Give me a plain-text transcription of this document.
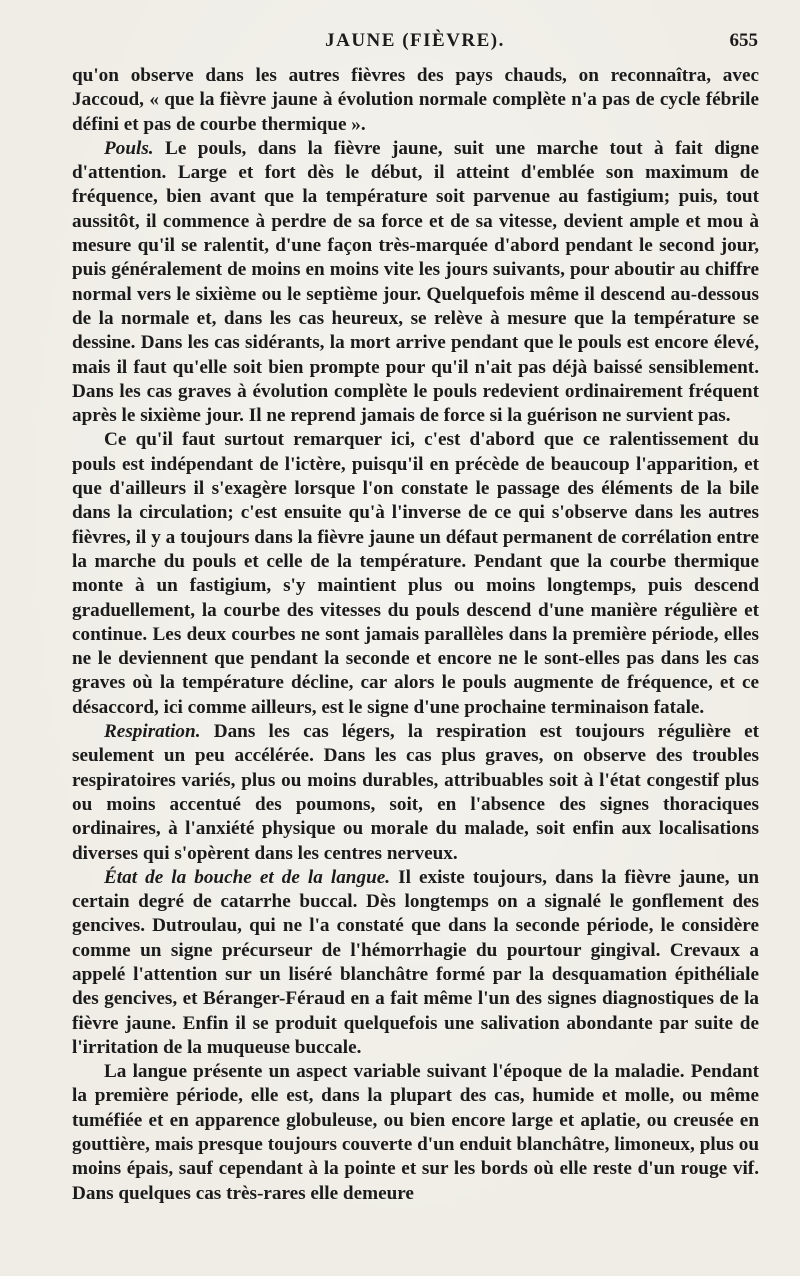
JAUNE (FIÈVRE).	655

qu'on observe dans les autres fièvres des pays chauds, on reconnaîtra, avec Jaccoud, « que la fièvre jaune à évolution normale complète n'a pas de cycle fébrile défini et pas de courbe thermique ».

Pouls. Le pouls, dans la fièvre jaune, suit une marche tout à fait digne d'attention. Large et fort dès le début, il atteint d'emblée son maximum de fréquence, bien avant que la température soit parvenue au fastigium; puis, tout aussitôt, il commence à perdre de sa force et de sa vitesse, devient ample et mou à mesure qu'il se ralentit, d'une façon très-marquée d'abord pendant le second jour, puis généralement de moins en moins vite les jours suivants, pour aboutir au chiffre normal vers le sixième ou le septième jour. Quelquefois même il descend au-dessous de la normale et, dans les cas heureux, se relève à mesure que la température se dessine. Dans les cas sidérants, la mort arrive pendant que le pouls est encore élevé, mais il faut qu'elle soit bien prompte pour qu'il n'ait pas déjà baissé sensiblement. Dans les cas graves à évolution complète le pouls redevient ordinairement fréquent après le sixième jour. Il ne reprend jamais de force si la guérison ne survient pas.

Ce qu'il faut surtout remarquer ici, c'est d'abord que ce ralentissement du pouls est indépendant de l'ictère, puisqu'il en précède de beaucoup l'apparition, et que d'ailleurs il s'exagère lorsque l'on constate le passage des éléments de la bile dans la circulation; c'est ensuite qu'à l'inverse de ce qui s'observe dans les autres fièvres, il y a toujours dans la fièvre jaune un défaut permanent de corrélation entre la marche du pouls et celle de la température. Pendant que la courbe thermique monte à un fastigium, s'y maintient plus ou moins longtemps, puis descend graduellement, la courbe des vitesses du pouls descend d'une manière régulière et continue. Les deux courbes ne sont jamais parallèles dans la première période, elles ne le deviennent que pendant la seconde et encore ne le sont-elles pas dans les cas graves où la température décline, car alors le pouls augmente de fréquence, et ce désaccord, ici comme ailleurs, est le signe d'une prochaine terminaison fatale.

Respiration. Dans les cas légers, la respiration est toujours régulière et seulement un peu accélérée. Dans les cas plus graves, on observe des troubles respiratoires variés, plus ou moins durables, attribuables soit à l'état congestif plus ou moins accentué des poumons, soit, en l'absence des signes thoraciques ordinaires, à l'anxiété physique ou morale du malade, soit enfin aux localisations diverses qui s'opèrent dans les centres nerveux.

État de la bouche et de la langue. Il existe toujours, dans la fièvre jaune, un certain degré de catarrhe buccal. Dès longtemps on a signalé le gonflement des gencives. Dutroulau, qui ne l'a constaté que dans la seconde période, le considère comme un signe précurseur de l'hémorrhagie du pourtour gingival. Crevaux a appelé l'attention sur un liséré blanchâtre formé par la desquamation épithéliale des gencives, et Béranger-Féraud en a fait même l'un des signes diagnostiques de la fièvre jaune. Enfin il se produit quelquefois une salivation abondante par suite de l'irritation de la muqueuse buccale.

La langue présente un aspect variable suivant l'époque de la maladie. Pendant la première période, elle est, dans la plupart des cas, humide et molle, ou même tuméfiée et en apparence globuleuse, ou bien encore large et aplatie, ou creusée en gouttière, mais presque toujours couverte d'un enduit blanchâtre, limoneux, plus ou moins épais, sauf cependant à la pointe et sur les bords où elle reste d'un rouge vif. Dans quelques cas très-rares elle demeure
